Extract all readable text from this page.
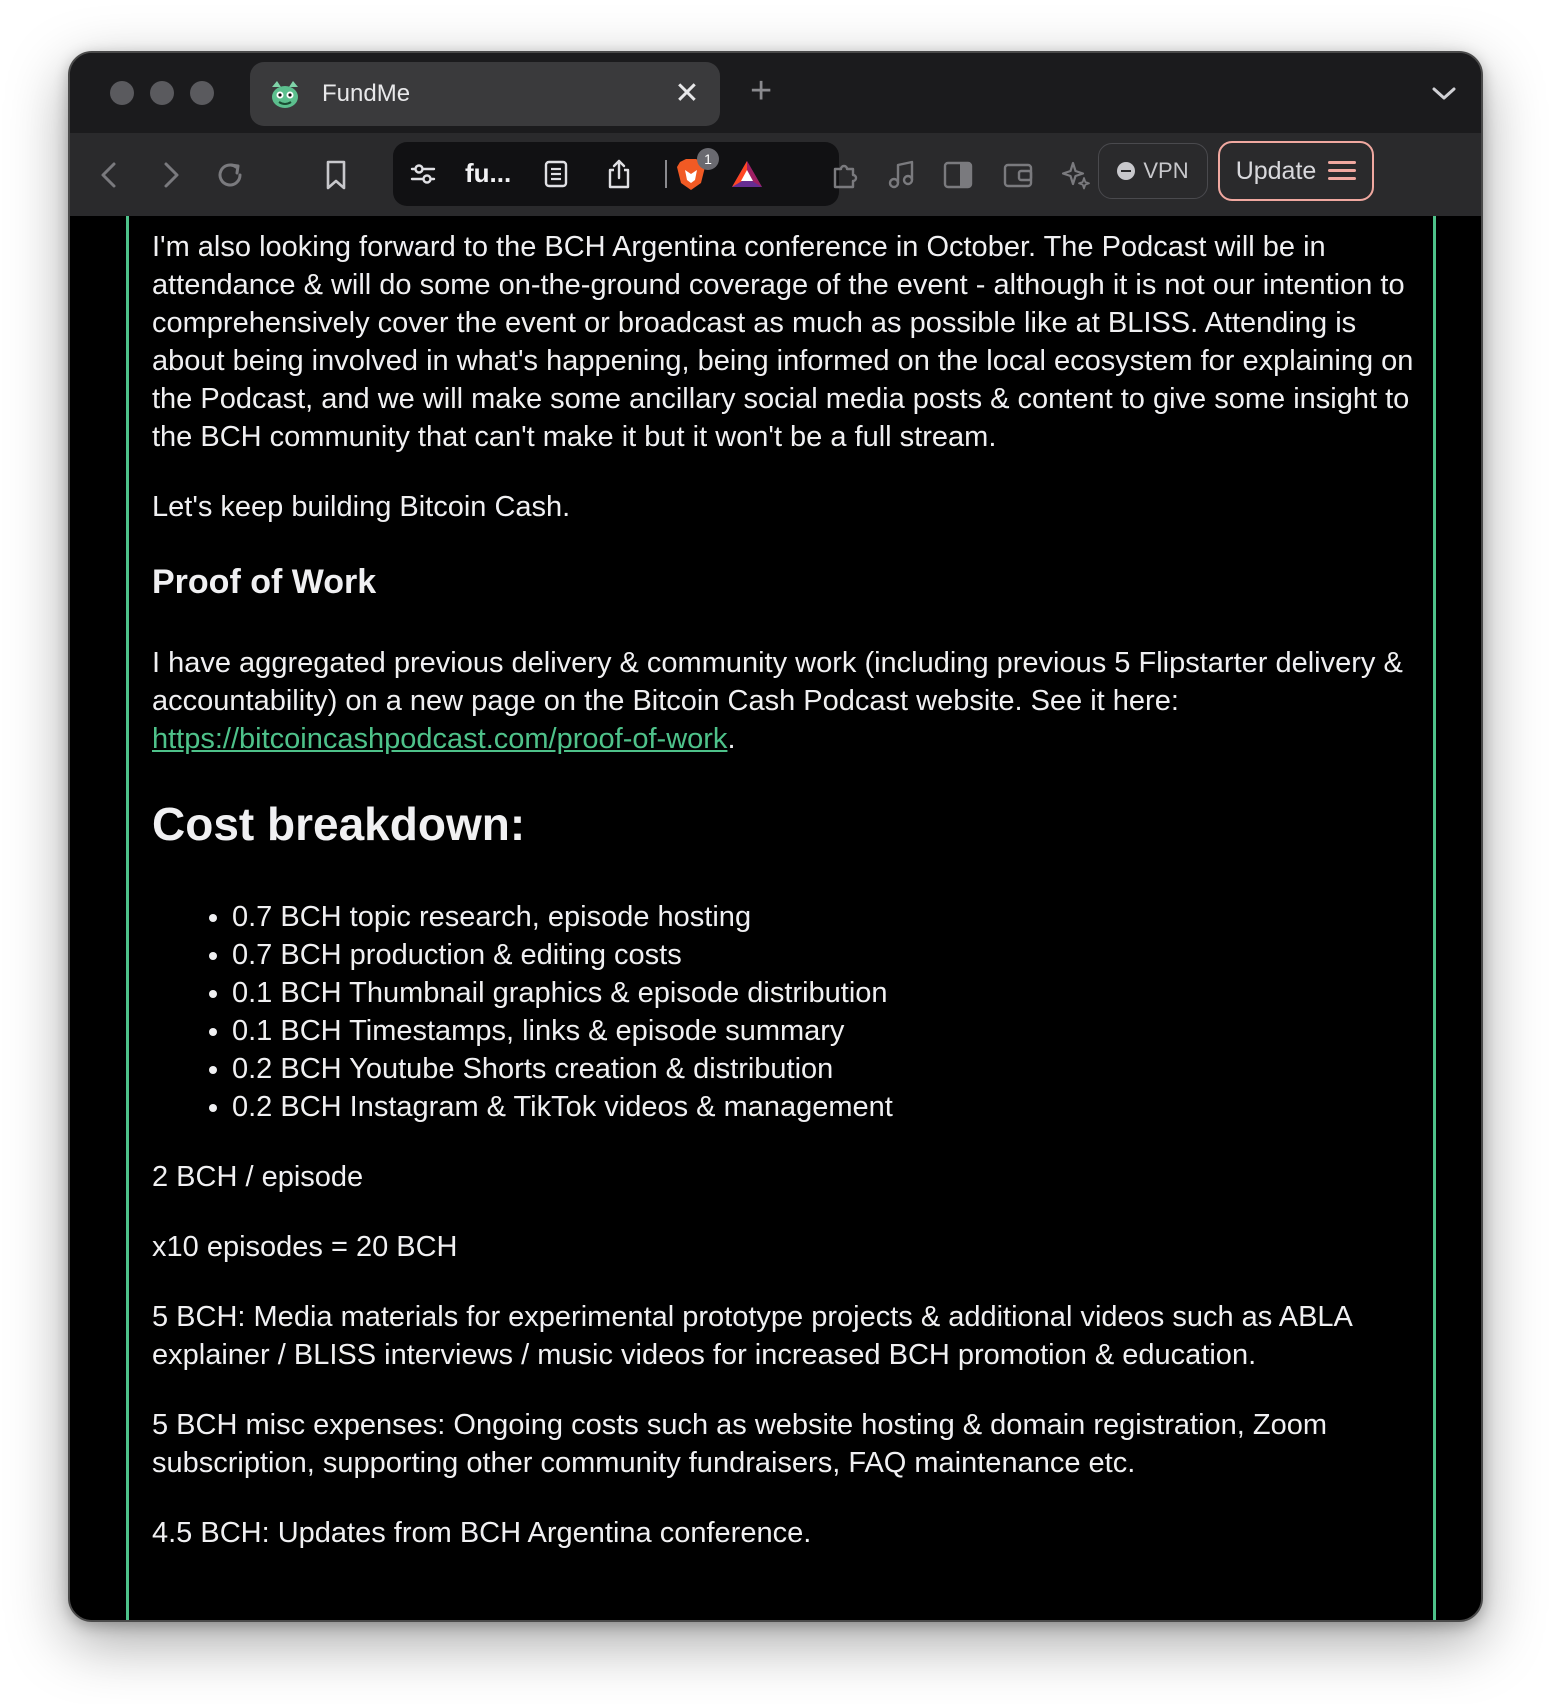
FundMe	✕ +
fu...	1	VPN Update

I'm also looking forward to the BCH Argentina conference in October. The Podcast will be in attendance & will do some on-the-ground coverage of the event - although it is not our intention to comprehensively cover the event or broadcast as much as possible like at BLISS. Attending is about being involved in what's happening, being informed on the local ecosystem for explaining on the Podcast, and we will make some ancillary social media posts & content to give some insight to the BCH community that can't make it but it won't be a full stream.

Let's keep building Bitcoin Cash.

Proof of Work

I have aggregated previous delivery & community work (including previous 5 Flipstarter delivery & accountability) on a new page on the Bitcoin Cash Podcast website. See it here: https://bitcoincashpodcast.com/proof-of-work.

Cost breakdown:
• 0.7 BCH topic research, episode hosting
• 0.7 BCH production & editing costs
• 0.1 BCH Thumbnail graphics & episode distribution
• 0.1 BCH Timestamps, links & episode summary
• 0.2 BCH Youtube Shorts creation & distribution
• 0.2 BCH Instagram & TikTok videos & management

2 BCH / episode

x10 episodes = 20 BCH

5 BCH: Media materials for experimental prototype projects & additional videos such as ABLA explainer / BLISS interviews / music videos for increased BCH promotion & education.

5 BCH misc expenses: Ongoing costs such as website hosting & domain registration, Zoom subscription, supporting other community fundraisers, FAQ maintenance etc.

4.5 BCH: Updates from BCH Argentina conference.
